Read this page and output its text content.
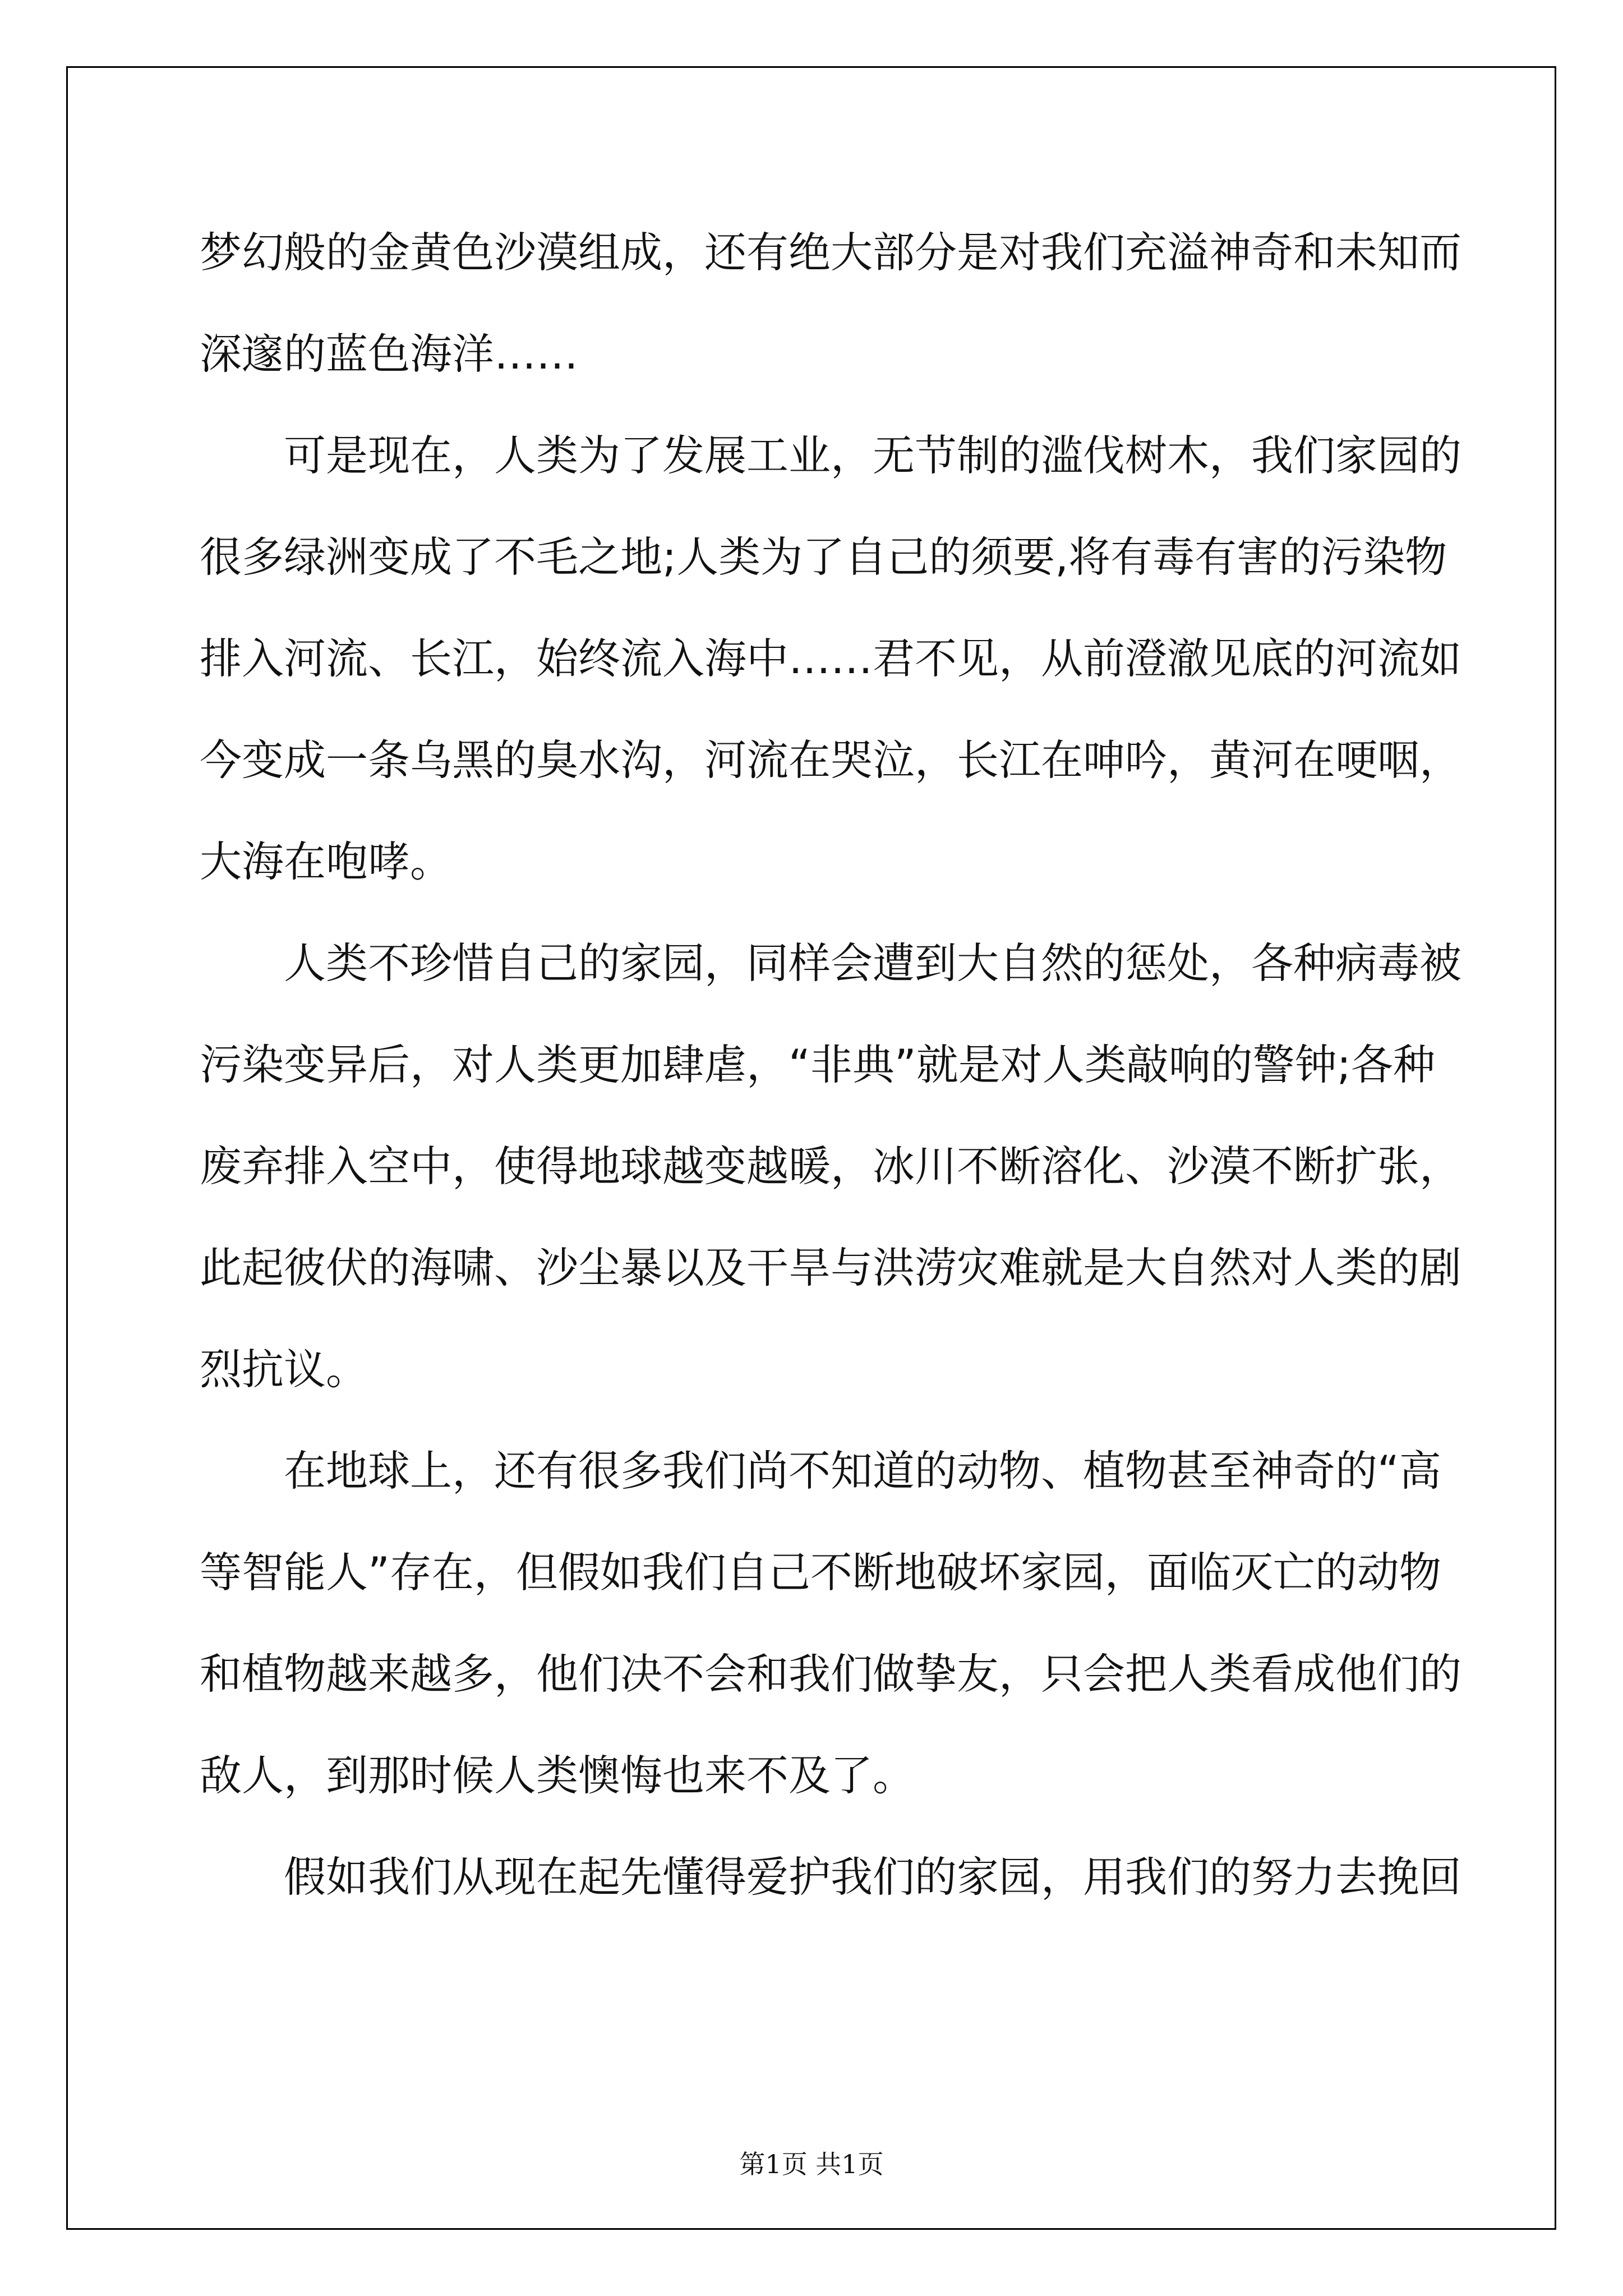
梦幻般的金黄色沙漠组成，还有绝大部分是对我们充溢神奇和未知而
深邃的蓝色海洋……
可是现在，人类为了发展工业，无节制的滥伐树木，我们家园的
很多绿洲变成了不毛之地;人类为了自己的须要,将有毒有害的污染物
排入河流、长江，始终流入海中……君不见，从前澄澈见底的河流如
今变成一条乌黑的臭水沟，河流在哭泣，长江在呻吟，黄河在哽咽，
大海在咆哮。
人类不珍惜自己的家园，同样会遭到大自然的惩处，各种病毒被
污染变异后，对人类更加肆虐，“非典”就是对人类敲响的警钟;各种
废弃排入空中，使得地球越变越暖，冰川不断溶化、沙漠不断扩张，
此起彼伏的海啸、沙尘暴以及干旱与洪涝灾难就是大自然对人类的剧
烈抗议。
在地球上，还有很多我们尚不知道的动物、植物甚至神奇的“高
等智能人”存在，但假如我们自己不断地破坏家园，面临灭亡的动物
和植物越来越多，他们决不会和我们做挚友，只会把人类看成他们的
敌人，到那时候人类懊悔也来不及了。
假如我们从现在起先懂得爱护我们的家园，用我们的努力去挽回
第1页 共1页
